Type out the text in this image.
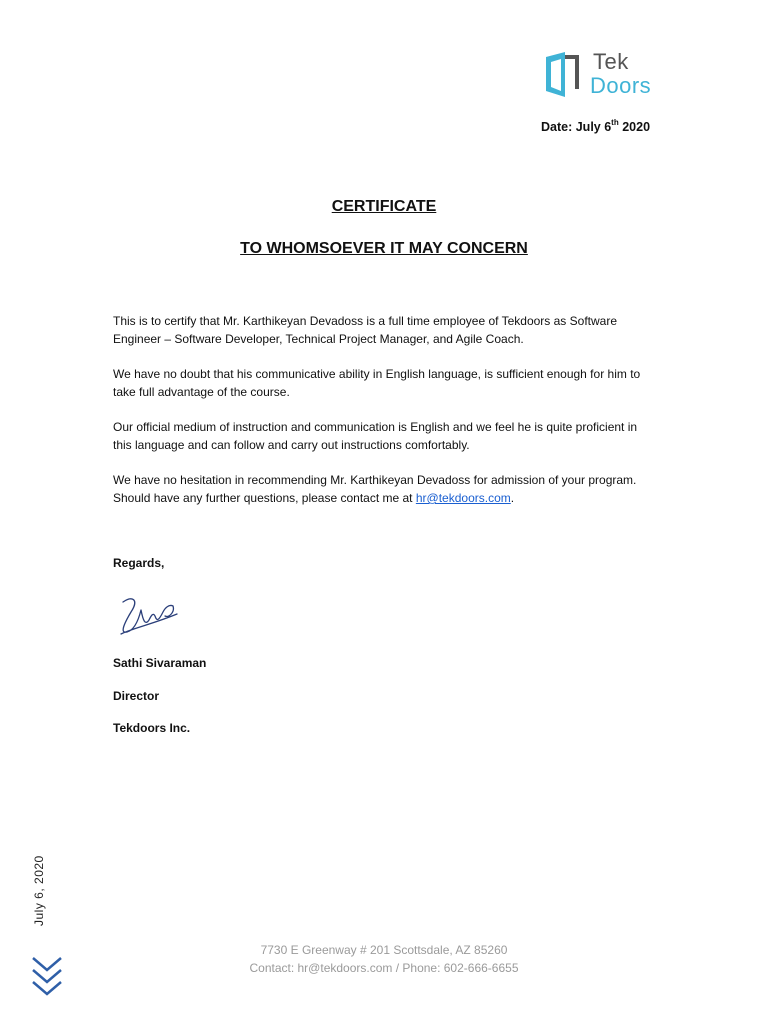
Tek
Doors
Date: July 6th 2020
CERTIFICATE
TO WHOMSOEVER IT MAY CONCERN
This is to certify that Mr. Karthikeyan Devadoss is a full time employee of Tekdoors as Software Engineer – Software Developer, Technical Project Manager, and Agile Coach.
We have no doubt that his communicative ability in English language, is sufficient enough for him to take full advantage of the course.
Our official medium of instruction and communication is English and we feel he is quite proficient in this language and can follow and carry out instructions comfortably.
We have no hesitation in recommending Mr. Karthikeyan Devadoss for admission of your program. Should have any further questions, please contact me at hr@tekdoors.com.
Regards,
Sathi Sivaraman
Director
Tekdoors Inc.
7730 E Greenway # 201 Scottsdale, AZ 85260
Contact: hr@tekdoors.com / Phone: 602-666-6655
July 6, 2020
